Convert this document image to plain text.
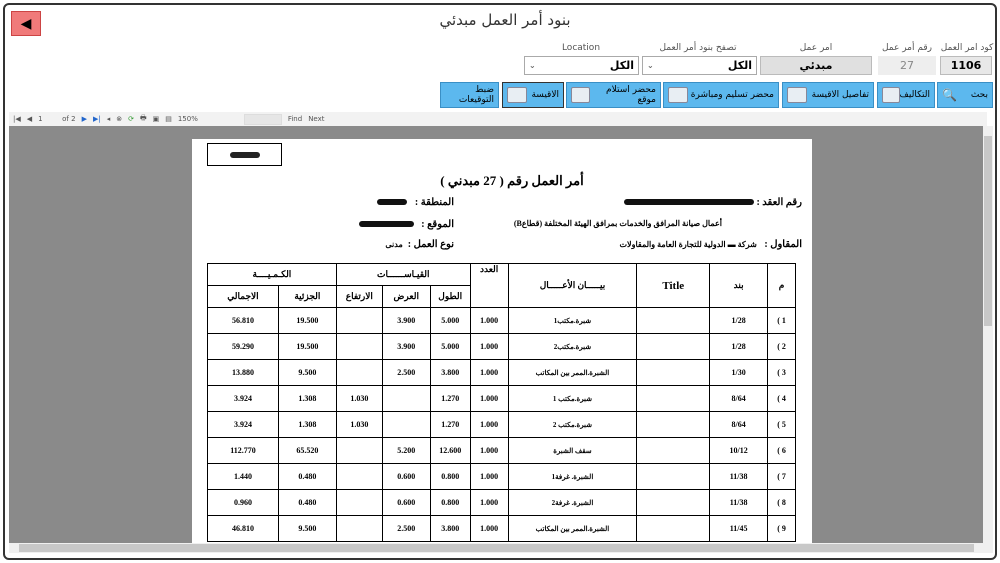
◀	بنود أمر العمل مبدئي
كود امر العمل
1106
رقم أمر عمل
27
امر عمل
مبدئي
تصفح بنود أمر العمل
⌄	الكل
Location
⌄	الكل
بحث
🔍
التكاليف
تفاصيل الاقيسة
محضر تسليم ومباشرة
محضر استلام موقع
الاقيسة
ضبط التوقيعات
|◀ ◀ 1	of 2 ▶ ▶| ◂ ⊗ ⟳ 🖶 ▣ ▤ 150%	Find Next
أمر العمل رقم ( 27 مبدني )
رقم العقد :
المنطقة :
أعمال صيانة المرافق والخدمات بمرافق الهيئة المختلفة (قطاعB)
الموقع :
المقاول :   شركة ▬ الدولية للتجارة العامة والمقاولات
نوع العمل :  مدنى
م	بند	Title	بيـــــان الأعـــــال	العدد	القيـاســــــات			الكـمـيــــة	
					الطول	العرض	الارتفاع	الجزئية	الاجمالي
1 )	1/28		شبرة.مكتب1	1.000	5.000	3.900		19.500	56.810
2 )	1/28		شبرة.مكتب2	1.000	5.000	3.900		19.500	59.290
3 )	1/30		الشبرة.الممر بين المكاتب	1.000	3.800	2.500		9.500	13.880
4 )	8/64		شبرة.مكتب 1	1.000	1.270		1.030	1.308	3.924
5 )	8/64		شبرة.مكتب 2	1.000	1.270		1.030	1.308	3.924
6 )	10/12		سقف الشبرة	1.000	12.600	5.200		65.520	112.770
7 )	11/38		الشبرة. غرفة1	1.000	0.800	0.600		0.480	1.440
8 )	11/38		الشبرة. غرفة2	1.000	0.800	0.600		0.480	0.960
9 )	11/45		الشبرة.الممر بين المكاتب	1.000	3.800	2.500		9.500	46.810
